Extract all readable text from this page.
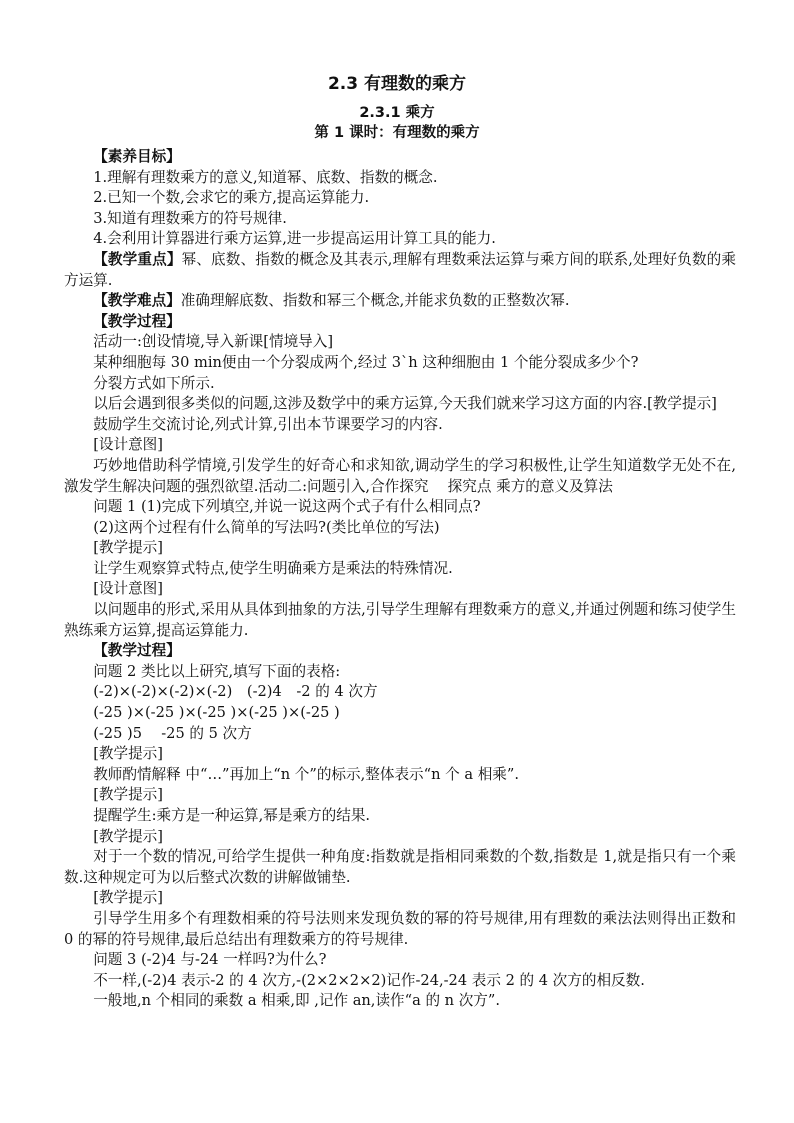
2.3 有理数的乘方
2.3.1 乘方
第 1 课时：有理数的乘方

【素养目标】

1.理解有理数乘方的意义,知道幂、底数、指数的概念.

2.已知一个数,会求它的乘方,提高运算能力.

3.知道有理数乘方的符号规律.

4.会利用计算器进行乘方运算,进一步提高运用计算工具的能力.

【教学重点】幂、底数、指数的概念及其表示,理解有理数乘法运算与乘方间的联系,处理好负数的乘方运算.

【教学难点】准确理解底数、指数和幂三个概念,并能求负数的正整数次幂.

【教学过程】

活动一:创设情境,导入新课[情境导入]

某种细胞每 30 min便由一个分裂成两个,经过 3`h 这种细胞由 1 个能分裂成多少个?

分裂方式如下所示.

以后会遇到很多类似的问题,这涉及数学中的乘方运算,今天我们就来学习这方面的内容.[教学提示]

鼓励学生交流讨论,列式计算,引出本节课要学习的内容.

[设计意图]

巧妙地借助科学情境,引发学生的好奇心和求知欲,调动学生的学习积极性,让学生知道数学无处不在,激发学生解决问题的强烈欲望.活动二:问题引入,合作探究　 探究点 乘方的意义及算法

问题 1 (1)完成下列填空,并说一说这两个式子有什么相同点?

(2)这两个过程有什么简单的写法吗?(类比单位的写法)

[教学提示]

让学生观察算式特点,使学生明确乘方是乘法的特殊情况.

[设计意图]

以问题串的形式,采用从具体到抽象的方法,引导学生理解有理数乘方的意义,并通过例题和练习使学生熟练乘方运算,提高运算能力.

【教学过程】

问题 2 类比以上研究,填写下面的表格:

(-2)×(-2)×(-2)×(-2)　(-2)4　-2 的 4 次方

(-25 )×(-25 )×(-25 )×(-25 )×(-25 )

(-25 )5　 -25 的 5 次方

[教学提示]

教师酌情解释 中“…”再加上“n 个”的标示,整体表示“n 个 a 相乘”.

[教学提示]

提醒学生:乘方是一种运算,幂是乘方的结果.

[教学提示]

对于一个数的情况,可给学生提供一种角度:指数就是指相同乘数的个数,指数是 1,就是指只有一个乘数.这种规定可为以后整式次数的讲解做铺垫.

[教学提示]

引导学生用多个有理数相乘的符号法则来发现负数的幂的符号规律,用有理数的乘法法则得出正数和 0 的幂的符号规律,最后总结出有理数乘方的符号规律.

问题 3 (-2)4 与-24 一样吗?为什么?

不一样,(-2)4 表示-2 的 4 次方,-(2×2×2×2)记作-24,-24 表示 2 的 4 次方的相反数.

一般地,n 个相同的乘数 a 相乘,即 ,记作 an,读作“a 的 n 次方”.
